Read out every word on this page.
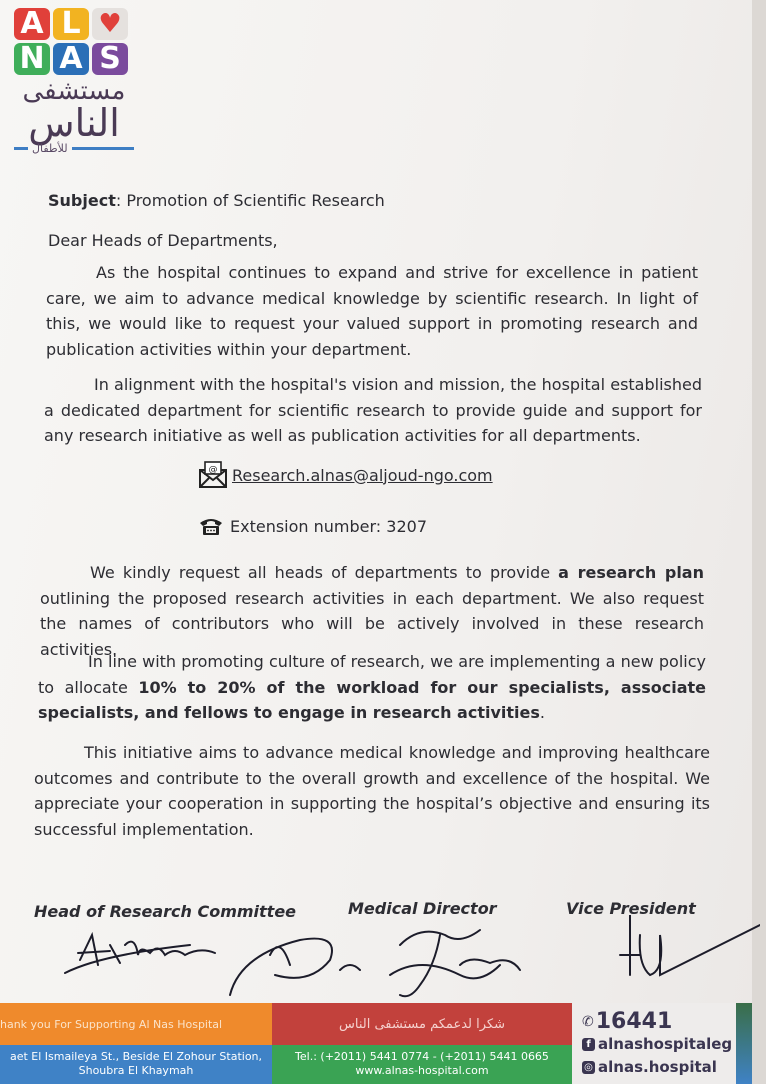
A L ♥
N A S
مستشفى
الناس
للأطفال
Subject: Promotion of Scientific Research
Dear Heads of Departments,
As the hospital continues to expand and strive for excellence in patient care, we aim to advance medical knowledge by scientific research. In light of this, we would like to request your valued support in promoting research and publication activities within your department.
In alignment with the hospital's vision and mission, the hospital established a dedicated department for scientific research to provide guide and support for any research initiative as well as publication activities for all departments.
@ Research.alnas@aljoud-ngo.com
Extension number: 3207
We kindly request all heads of departments to provide a research plan outlining the proposed research activities in each department. We also request the names of contributors who will be actively involved in these research activities.
In line with promoting culture of research, we are implementing a new policy to allocate 10% to 20% of the workload for our specialists, associate specialists, and fellows to engage in research activities.
This initiative aims to advance medical knowledge and improving healthcare outcomes and contribute to the overall growth and excellence of the hospital. We appreciate your cooperation in supporting the hospital’s objective and ensuring its successful implementation.
Head of Research Committee	Medical Director	Vice President
hank you For Supporting Al Nas Hospital	شكرا لدعمكم مستشفى الناس
aet El Ismaileya St., Beside El Zohour Station,
Shoubra El Khaymah
Tel.: (+2011) 5441 0774 - (+2011) 5441 0665
www.alnas-hospital.com
✆ 16441
f alnashospitaleg
◎ alnas.hospital
